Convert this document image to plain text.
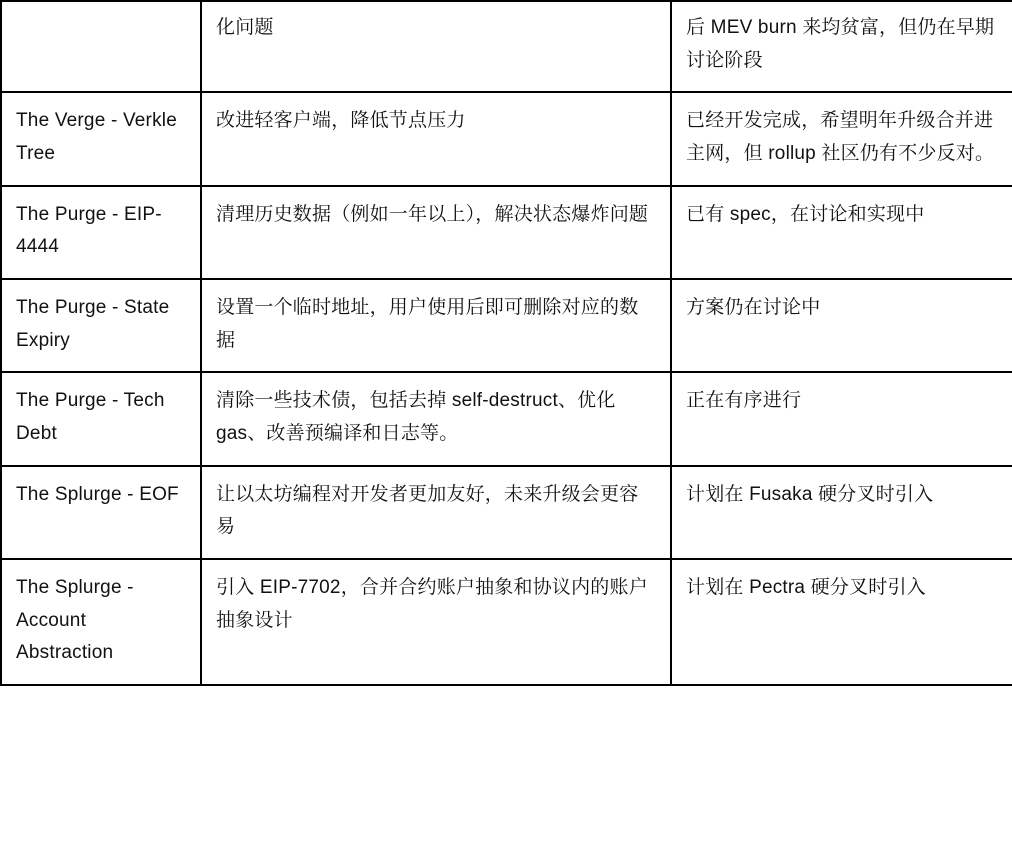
	化问题	后 MEV burn 来均贫富，但仍在早期讨论阶段

The Verge - Verkle Tree	改进轻客户端，降低节点压力	已经开发完成，希望明年升级合并进主网，但 rollup 社区仍有不少反对。

The Purge - EIP-4444	清理历史数据（例如一年以上），解决状态爆炸问题	已有 spec，在讨论和实现中

The Purge - State Expiry	设置一个临时地址，用户使用后即可删除对应的数据	方案仍在讨论中

The Purge - Tech Debt	清除一些技术债，包括去掉 self-destruct、优化 gas、改善预编译和日志等。	正在有序进行

The Splurge - EOF	让以太坊编程对开发者更加友好，未来升级会更容易	计划在 Fusaka 硬分叉时引入

The Splurge - Account Abstraction	引入 EIP-7702，合并合约账户抽象和协议内的账户抽象设计	计划在 Pectra 硬分叉时引入
